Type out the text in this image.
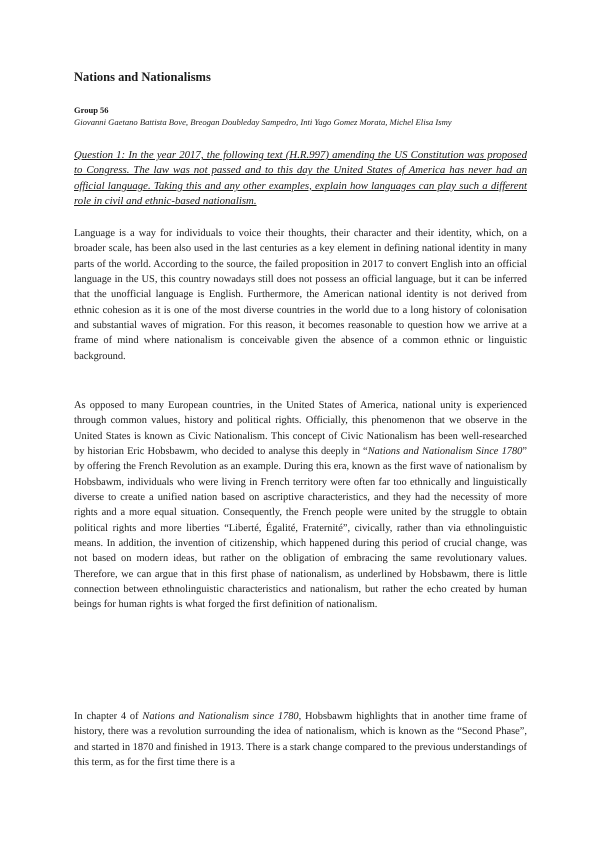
Nations and Nationalisms
Group 56
Giovanni Gaetano Battista Bove, Breogan Doubleday Sampedro, Inti Yago Gomez Morata, Michel Elisa Ismy

Question 1: In the year 2017, the following text (H.R.997) amending the US Constitution was proposed to Congress. The law was not passed and to this day the United States of America has never had an official language. Taking this and any other examples, explain how languages can play such a different role in civil and ethnic-based nationalism.

Language is a way for individuals to voice their thoughts, their character and their identity, which, on a broader scale, has been also used in the last centuries as a key element in defining national identity in many parts of the world. According to the source, the failed proposition in 2017 to convert English into an official language in the US, this country nowadays still does not possess an official language, but it can be inferred that the unofficial language is English. Furthermore, the American national identity is not derived from ethnic cohesion as it is one of the most diverse countries in the world due to a long history of colonisation and substantial waves of migration. For this reason, it becomes reasonable to question how we arrive at a frame of mind where nationalism is conceivable given the absence of a common ethnic or linguistic background.

As opposed to many European countries, in the United States of America, national unity is experienced through common values, history and political rights. Officially, this phenomenon that we observe in the United States is known as Civic Nationalism. This concept of Civic Nationalism has been well-researched by historian Eric Hobsbawm, who decided to analyse this deeply in “Nations and Nationalism Since 1780” by offering the French Revolution as an example. During this era, known as the first wave of nationalism by Hobsbawm, individuals who were living in French territory were often far too ethnically and linguistically diverse to create a unified nation based on ascriptive characteristics, and they had the necessity of more rights and a more equal situation. Consequently, the French people were united by the struggle to obtain political rights and more liberties “Liberté, Égalité, Fraternité”, civically, rather than via ethnolinguistic means. In addition, the invention of citizenship, which happened during this period of crucial change, was not based on modern ideas, but rather on the obligation of embracing the same revolutionary values. Therefore, we can argue that in this first phase of nationalism, as underlined by Hobsbawm, there is little connection between ethnolinguistic characteristics and nationalism, but rather the echo created by human beings for human rights is what forged the first definition of nationalism.

In chapter 4 of Nations and Nationalism since 1780, Hobsbawm highlights that in another time frame of history, there was a revolution surrounding the idea of nationalism, which is known as the “Second Phase”, and started in 1870 and finished in 1913. There is a stark change compared to the previous understandings of this term, as for the first time there is a
